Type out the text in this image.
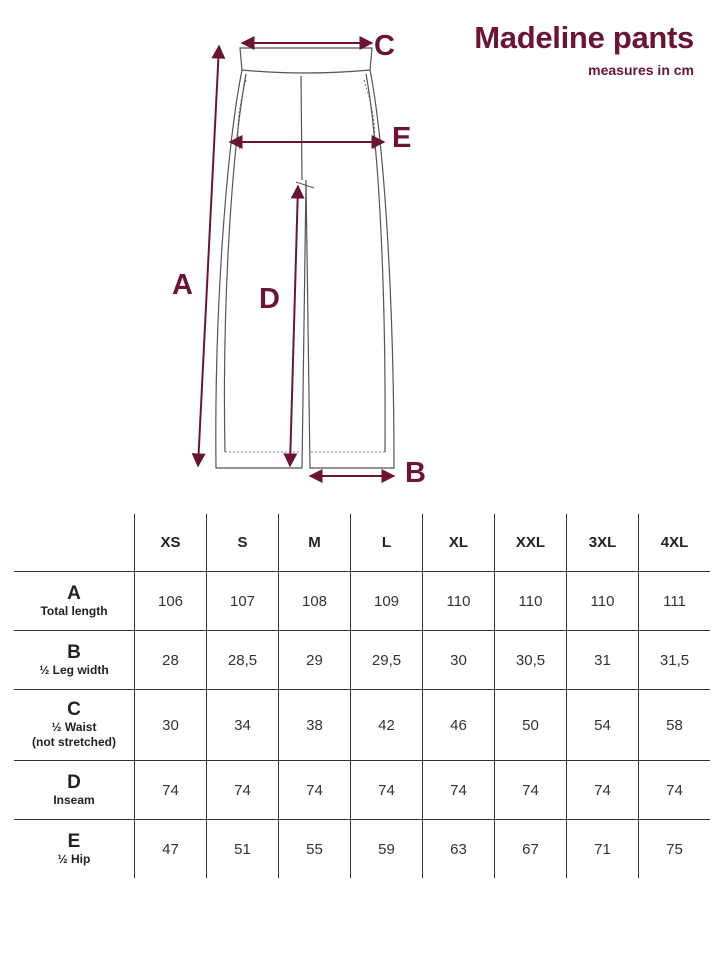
Madeline pants
measures in cm
A
B
C
D
E
	XS	S	M	L	XL	XXL	3XL	4XL

A
Total length	106	107	108	109	110	110	110	111

B
½ Leg width	28	28,5	29	29,5	30	30,5	31	31,5

C
½ Waist
(not stretched)	30	34	38	42	46	50	54	58

D
Inseam	74	74	74	74	74	74	74	74

E
½ Hip	47	51	55	59	63	67	71	75
